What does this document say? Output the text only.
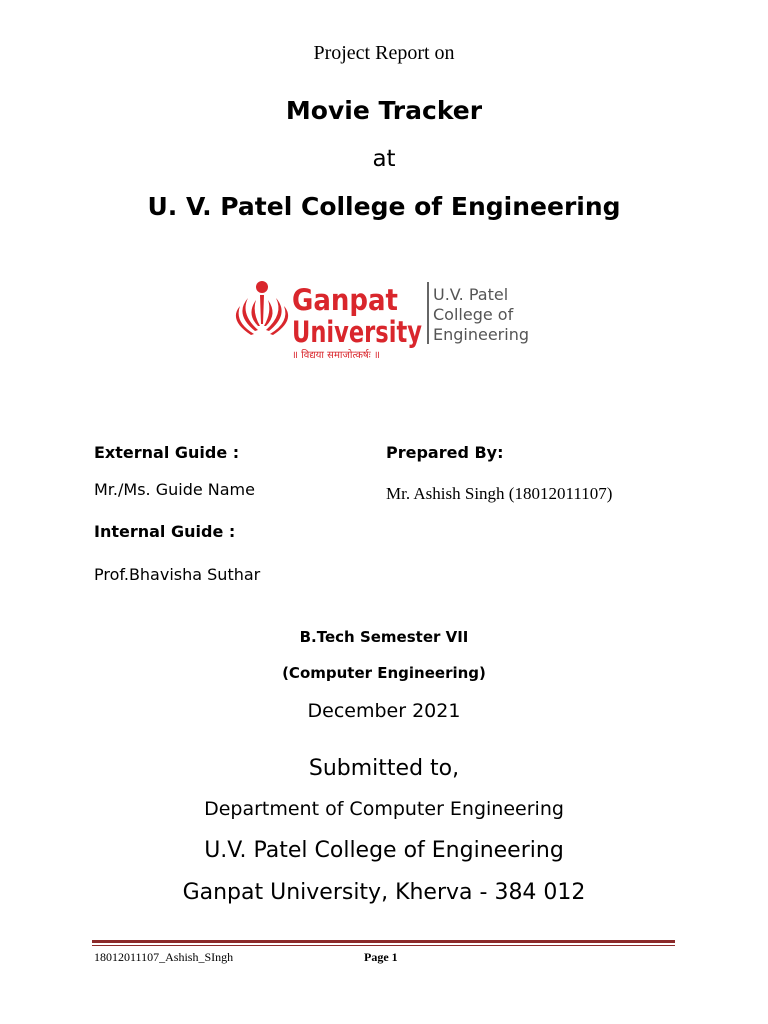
Project Report on
Movie Tracker
at
U. V. Patel College of Engineering
Ganpat
University
॥ विद्यया समाजोत्कर्षः ॥
U.V. Patel
College of
Engineering
External Guide :
Mr./Ms. Guide Name
Internal Guide :
Prof.Bhavisha Suthar
Prepared By:
Mr. Ashish Singh (18012011107)
B.Tech Semester VII
(Computer Engineering)
December 2021
Submitted to,
Department of Computer Engineering
U.V. Patel College of Engineering
Ganpat University, Kherva - 384 012
18012011107_Ashish_SIngh	Page 1
